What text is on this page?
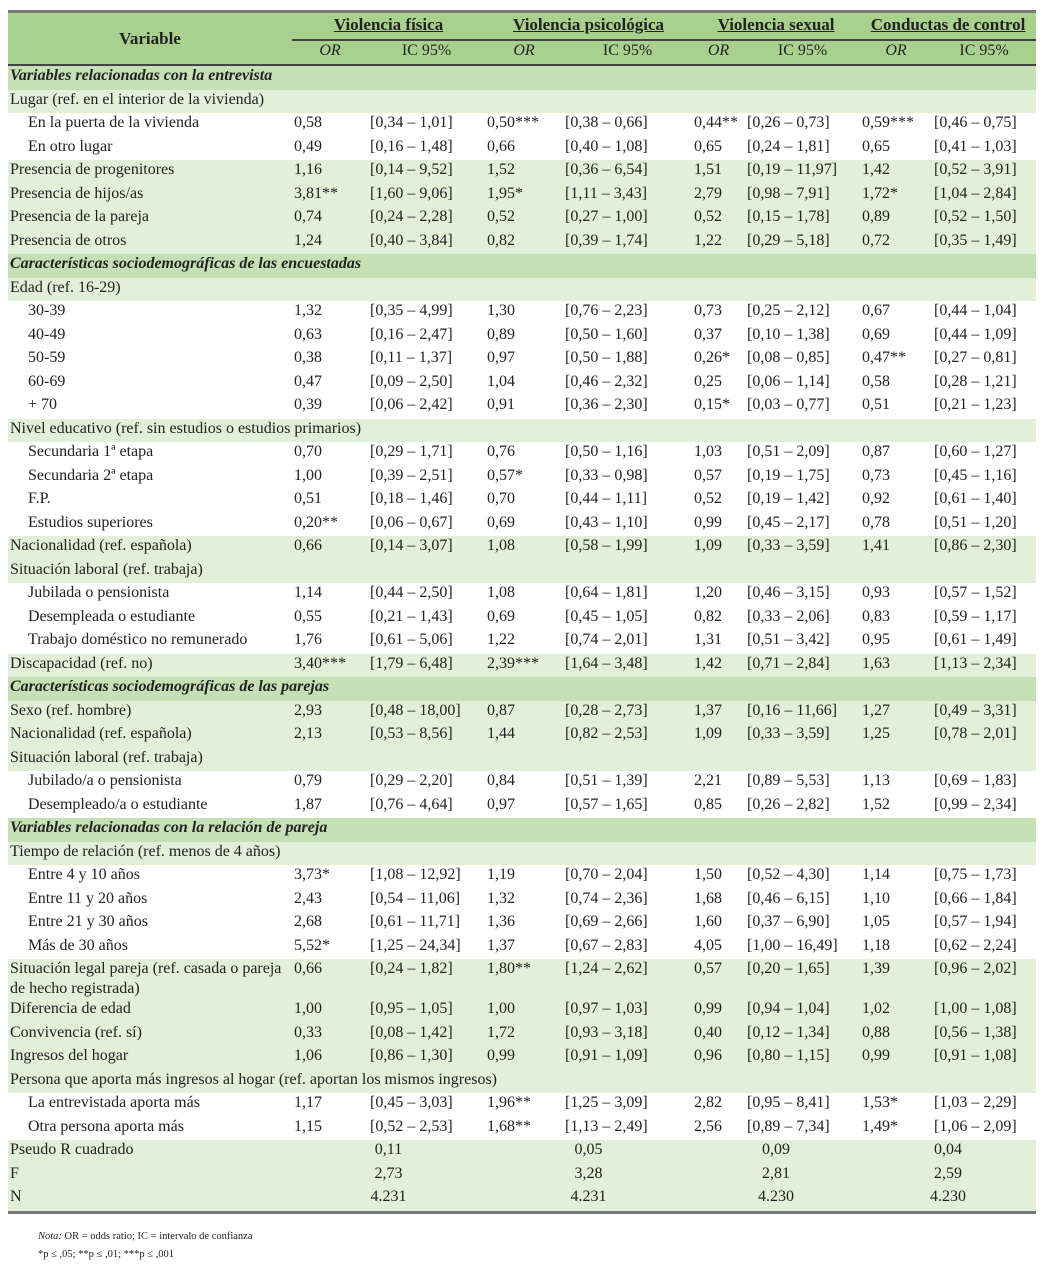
Variable	Violencia física		Violencia psicológica		Violencia sexual		Conductas de control	
	OR	IC 95%	OR	IC 95%	OR	IC 95%	OR	IC 95%
Variables relacionadas con la entrevista								
Lugar (ref. en el interior de la vivienda)								
En la puerta de la vivienda	0,58	[0,34 – 1,01]	0,50***	[0,38 – 0,66]	0,44**	[0,26 – 0,73]	0,59***	[0,46 – 0,75]
En otro lugar	0,49	[0,16 – 1,48]	0,66	[0,40 – 1,08]	0,65	[0,24 – 1,81]	0,65	[0,41 – 1,03]
Presencia de progenitores	1,16	[0,14 – 9,52]	1,52	[0,36 – 6,54]	1,51	[0,19 – 11,97]	1,42	[0,52 – 3,91]
Presencia de hijos/as	3,81**	[1,60 – 9,06]	1,95*	[1,11 – 3,43]	2,79	[0,98 – 7,91]	1,72*	[1,04 – 2,84]
Presencia de la pareja	0,74	[0,24 – 2,28]	0,52	[0,27 – 1,00]	0,52	[0,15 – 1,78]	0,89	[0,52 – 1,50]
Presencia de otros	1,24	[0,40 – 3,84]	0,82	[0,39 – 1,74]	1,22	[0,29 – 5,18]	0,72	[0,35 – 1,49]
Características sociodemográficas de las encuestadas								
Edad (ref. 16-29)								
30-39	1,32	[0,35 – 4,99]	1,30	[0,76 – 2,23]	0,73	[0,25 – 2,12]	0,67	[0,44 – 1,04]
40-49	0,63	[0,16 – 2,47]	0,89	[0,50 – 1,60]	0,37	[0,10 – 1,38]	0,69	[0,44 – 1,09]
50-59	0,38	[0,11 – 1,37]	0,97	[0,50 – 1,88]	0,26*	[0,08 – 0,85]	0,47**	[0,27 – 0,81]
60-69	0,47	[0,09 – 2,50]	1,04	[0,46 – 2,32]	0,25	[0,06 – 1,14]	0,58	[0,28 – 1,21]
+ 70	0,39	[0,06 – 2,42]	0,91	[0,36 – 2,30]	0,15*	[0,03 – 0,77]	0,51	[0,21 – 1,23]
Nivel educativo (ref. sin estudios o estudios primarios)								
Secundaria 1ª etapa	0,70	[0,29 – 1,71]	0,76	[0,50 – 1,16]	1,03	[0,51 – 2,09]	0,87	[0,60 – 1,27]
Secundaria 2ª etapa	1,00	[0,39 – 2,51]	0,57*	[0,33 – 0,98]	0,57	[0,19 – 1,75]	0,73	[0,45 – 1,16]
F.P.	0,51	[0,18 – 1,46]	0,70	[0,44 – 1,11]	0,52	[0,19 – 1,42]	0,92	[0,61 – 1,40]
Estudios superiores	0,20**	[0,06 – 0,67]	0,69	[0,43 – 1,10]	0,99	[0,45 – 2,17]	0,78	[0,51 – 1,20]
Nacionalidad (ref. española)	0,66	[0,14 – 3,07]	1,08	[0,58 – 1,99]	1,09	[0,33 – 3,59]	1,41	[0,86 – 2,30]
Situación laboral (ref. trabaja)								
Jubilada o pensionista	1,14	[0,44 – 2,50]	1,08	[0,64 – 1,81]	1,20	[0,46 – 3,15]	0,93	[0,57 – 1,52]
Desempleada o estudiante	0,55	[0,21 – 1,43]	0,69	[0,45 – 1,05]	0,82	[0,33 – 2,06]	0,83	[0,59 – 1,17]
Trabajo doméstico no remunerado	1,76	[0,61 – 5,06]	1,22	[0,74 – 2,01]	1,31	[0,51 – 3,42]	0,95	[0,61 – 1,49]
Discapacidad (ref. no)	3,40***	[1,79 – 6,48]	2,39***	[1,64 – 3,48]	1,42	[0,71 – 2,84]	1,63	[1,13 – 2,34]
Características sociodemográficas de las parejas								
Sexo (ref. hombre)	2,93	[0,48 – 18,00]	0,87	[0,28 – 2,73]	1,37	[0,16 – 11,66]	1,27	[0,49 – 3,31]
Nacionalidad (ref. española)	2,13	[0,53 – 8,56]	1,44	[0,82 – 2,53]	1,09	[0,33 – 3,59]	1,25	[0,78 – 2,01]
Situación laboral (ref. trabaja)								
Jubilado/a o pensionista	0,79	[0,29 – 2,20]	0,84	[0,51 – 1,39]	2,21	[0,89 – 5,53]	1,13	[0,69 – 1,83]
Desempleado/a o estudiante	1,87	[0,76 – 4,64]	0,97	[0,57 – 1,65]	0,85	[0,26 – 2,82]	1,52	[0,99 – 2,34]
Variables relacionadas con la relación de pareja								
Tiempo de relación (ref. menos de 4 años)								
Entre 4 y 10 años	3,73*	[1,08 – 12,92]	1,19	[0,70 – 2,04]	1,50	[0,52 – 4,30]	1,14	[0,75 – 1,73]
Entre 11 y 20 años	2,43	[0,54 – 11,06]	1,32	[0,74 – 2,36]	1,68	[0,46 – 6,15]	1,10	[0,66 – 1,84]
Entre 21 y 30 años	2,68	[0,61 – 11,71]	1,36	[0,69 – 2,66]	1,60	[0,37 – 6,90]	1,05	[0,57 – 1,94]
Más de 30 años	5,52*	[1,25 – 24,34]	1,37	[0,67 – 2,83]	4,05	[1,00 – 16,49]	1,18	[0,62 – 2,24]
Situación legal pareja (ref. casada o pareja de hecho registrada)	0,66	[0,24 – 1,82]	1,80**	[1,24 – 2,62]	0,57	[0,20 – 1,65]	1,39	[0,96 – 2,02]
Diferencia de edad	1,00	[0,95 – 1,05]	1,00	[0,97 – 1,03]	0,99	[0,94 – 1,04]	1,02	[1,00 – 1,08]
Convivencia (ref. sí)	0,33	[0,08 – 1,42]	1,72	[0,93 – 3,18]	0,40	[0,12 – 1,34]	0,88	[0,56 – 1,38]
Ingresos del hogar	1,06	[0,86 – 1,30]	0,99	[0,91 – 1,09]	0,96	[0,80 – 1,15]	0,99	[0,91 – 1,08]
Persona que aporta más ingresos al hogar (ref. aportan los mismos ingresos)								
La entrevistada aporta más	1,17	[0,45 – 3,03]	1,96**	[1,25 – 3,09]	2,82	[0,95 – 8,41]	1,53*	[1,03 – 2,29]
Otra persona aporta más	1,15	[0,52 – 2,53]	1,68**	[1,13 – 2,49]	2,56	[0,89 – 7,34]	1,49*	[1,06 – 2,09]
Pseudo R cuadrado	0,11		0,05		0,09		0,04	
F	2,73		3,28		2,81		2,59	
N	4.231		4.231		4.230		4.230	
Nota: OR = odds ratio; IC = intervalo de confianza
*p ≤ ,05; **p ≤ ,01; ***p ≤ ,001
